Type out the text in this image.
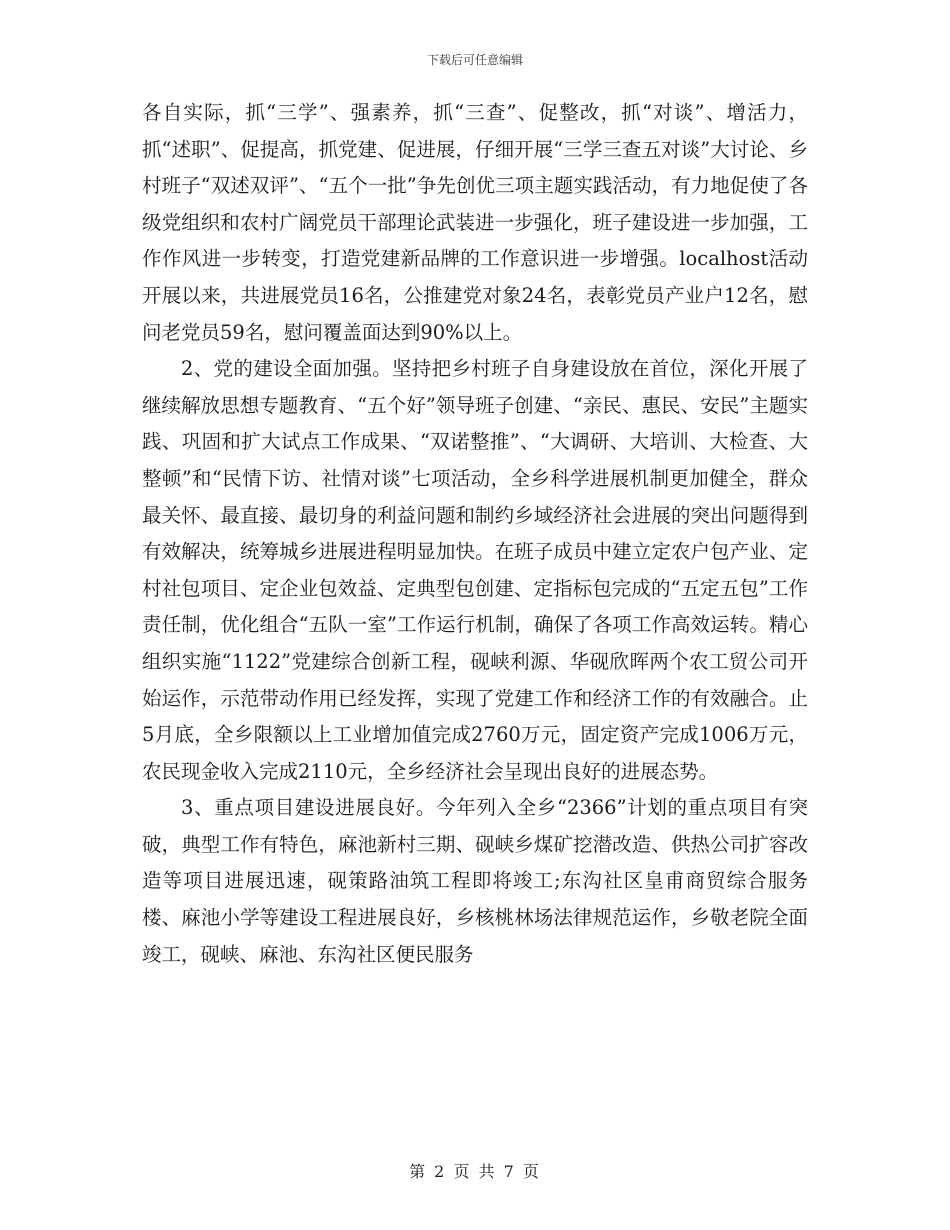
下载后可任意编辑

各自实际，抓“三学”、强素养，抓“三查”、促整改，抓“对谈”、增活力，抓“述职”、促提高，抓党建、促进展，仔细开展“三学三查五对谈”大讨论、乡村班子“双述双评”、“五个一批”争先创优三项主题实践活动，有力地促使了各级党组织和农村广阔党员干部理论武装进一步强化，班子建设进一步加强，工作作风进一步转变，打造党建新品牌的工作意识进一步增强。localhost活动开展以来，共进展党员16名，公推建党对象24名，表彰党员产业户12名，慰问老党员59名，慰问覆盖面达到90%以上。

2、党的建设全面加强。坚持把乡村班子自身建设放在首位，深化开展了继续解放思想专题教育、“五个好”领导班子创建、“亲民、惠民、安民”主题实践、巩固和扩大试点工作成果、“双诺整推”、“大调研、大培训、大检查、大整顿”和“民情下访、社情对谈”七项活动，全乡科学进展机制更加健全，群众最关怀、最直接、最切身的利益问题和制约乡域经济社会进展的突出问题得到有效解决，统筹城乡进展进程明显加快。在班子成员中建立定农户包产业、定村社包项目、定企业包效益、定典型包创建、定指标包完成的“五定五包”工作责任制，优化组合“五队一室”工作运行机制，确保了各项工作高效运转。精心组织实施“1122”党建综合创新工程，砚峡利源、华砚欣晖两个农工贸公司开始运作，示范带动作用已经发挥，实现了党建工作和经济工作的有效融合。止5月底，全乡限额以上工业增加值完成2760万元，固定资产完成1006万元，农民现金收入完成2110元，全乡经济社会呈现出良好的进展态势。

3、重点项目建设进展良好。今年列入全乡“2366”计划的重点项目有突破，典型工作有特色，麻池新村三期、砚峡乡煤矿挖潜改造、供热公司扩容改造等项目进展迅速，砚策路油筑工程即将竣工;东沟社区皇甫商贸综合服务楼、麻池小学等建设工程进展良好，乡核桃林场法律规范运作，乡敬老院全面竣工，砚峡、麻池、东沟社区便民服务

第 2 页 共 7 页
